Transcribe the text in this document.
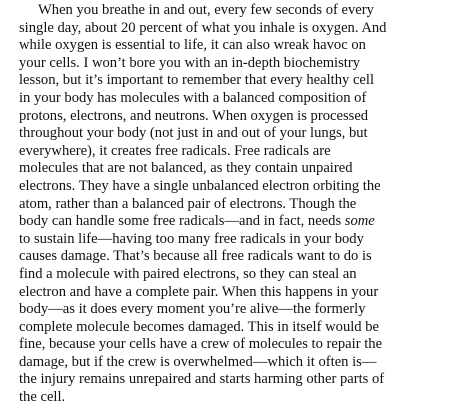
When you breathe in and out, every few seconds of every
single day, about 20 percent of what you inhale is oxygen. And
while oxygen is essential to life, it can also wreak havoc on
your cells. I won’t bore you with an in-depth biochemistry
lesson, but it’s important to remember that every healthy cell
in your body has molecules with a balanced composition of
protons, electrons, and neutrons. When oxygen is processed
throughout your body (not just in and out of your lungs, but
everywhere), it creates free radicals. Free radicals are
molecules that are not balanced, as they contain unpaired
electrons. They have a single unbalanced electron orbiting the
atom, rather than a balanced pair of electrons. Though the
body can handle some free radicals—and in fact, needs some
to sustain life—having too many free radicals in your body
causes damage. That’s because all free radicals want to do is
find a molecule with paired electrons, so they can steal an
electron and have a complete pair. When this happens in your
body—as it does every moment you’re alive—the formerly
complete molecule becomes damaged. This in itself would be
fine, because your cells have a crew of molecules to repair the
damage, but if the crew is overwhelmed—which it often is—
the injury remains unrepaired and starts harming other parts of
the cell.
